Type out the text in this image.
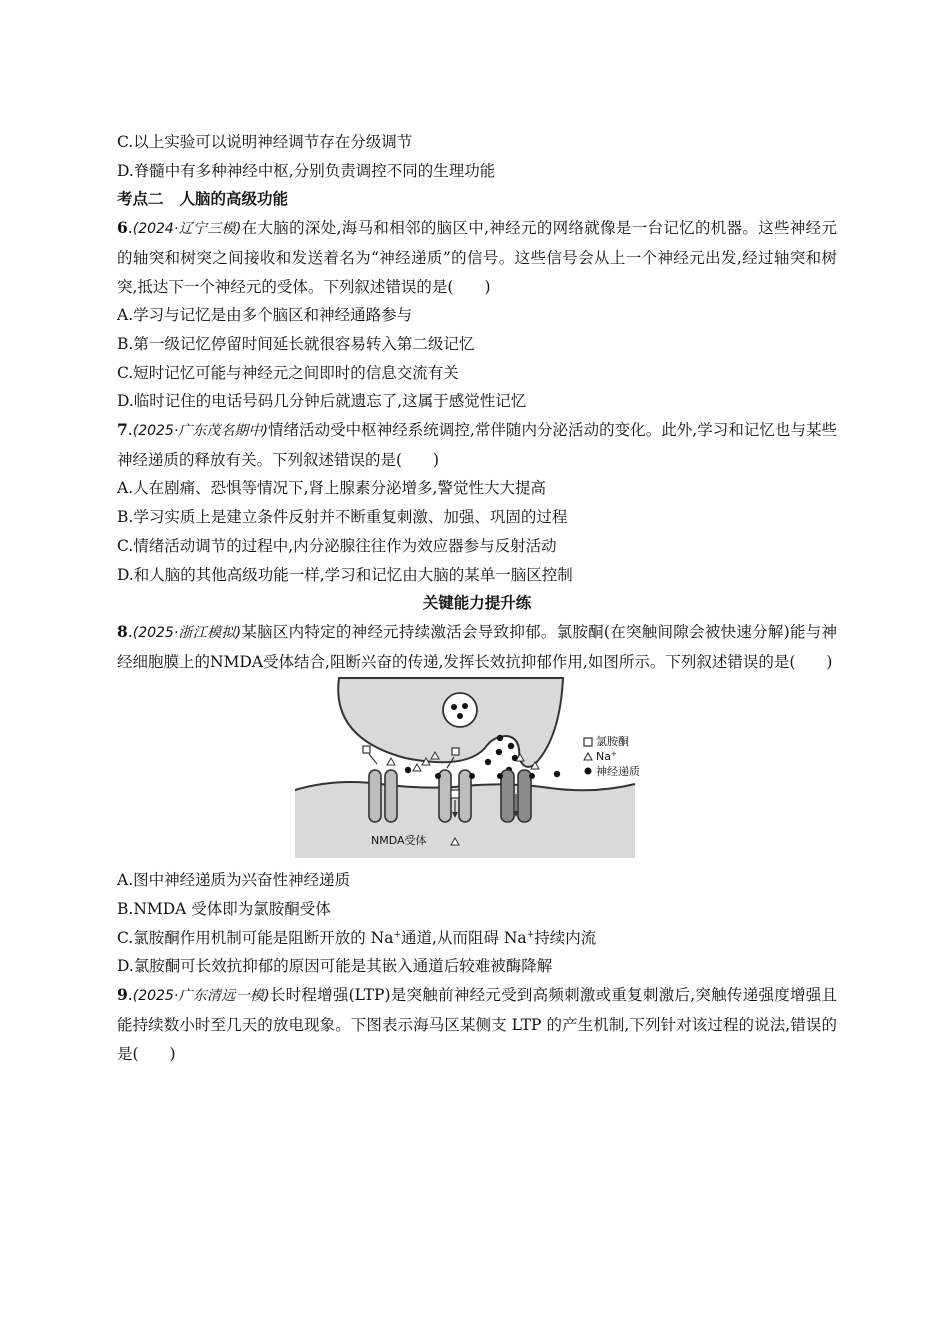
C.以上实验可以说明神经调节存在分级调节
D.脊髓中有多种神经中枢,分别负责调控不同的生理功能
考点二 人脑的高级功能
6.(2024·辽宁三模)在大脑的深处,海马和相邻的脑区中,神经元的网络就像是一台记忆的机器。这些神经元的轴突和树突之间接收和发送着名为“神经递质”的信号。这些信号会从上一个神经元出发,经过轴突和树突,抵达下一个神经元的受体。下列叙述错误的是(　　)
A.学习与记忆是由多个脑区和神经通路参与
B.第一级记忆停留时间延长就很容易转入第二级记忆
C.短时记忆可能与神经元之间即时的信息交流有关
D.临时记住的电话号码几分钟后就遗忘了,这属于感觉性记忆
7.(2025·广东茂名期中)情绪活动受中枢神经系统调控,常伴随内分泌活动的变化。此外,学习和记忆也与某些神经递质的释放有关。下列叙述错误的是(　　)
A.人在剧痛、恐惧等情况下,肾上腺素分泌增多,警觉性大大提高
B.学习实质上是建立条件反射并不断重复刺激、加强、巩固的过程
C.情绪活动调节的过程中,内分泌腺往往作为效应器参与反射活动
D.和人脑的其他高级功能一样,学习和记忆由大脑的某单一脑区控制
关键能力提升练
8.(2025·浙江模拟)某脑区内特定的神经元持续激活会导致抑郁。氯胺酮(在突触间隙会被快速分解)能与神经细胞膜上的NMDA受体结合,阻断兴奋的传递,发挥长效抗抑郁作用,如图所示。下列叙述错误的是(　　)
氯胺酮
Na+
神经递质
NMDA受体
A.图中神经递质为兴奋性神经递质
B.NMDA 受体即为氯胺酮受体
C.氯胺酮作用机制可能是阻断开放的 Na+通道,从而阻碍 Na+持续内流
D.氯胺酮可长效抗抑郁的原因可能是其嵌入通道后较难被酶降解
9.(2025·广东清远一模)长时程增强(LTP)是突触前神经元受到高频刺激或重复刺激后,突触传递强度增强且能持续数小时至几天的放电现象。下图表示海马区某侧支 LTP 的产生机制,下列针对该过程的说法,错误的是(　　)
